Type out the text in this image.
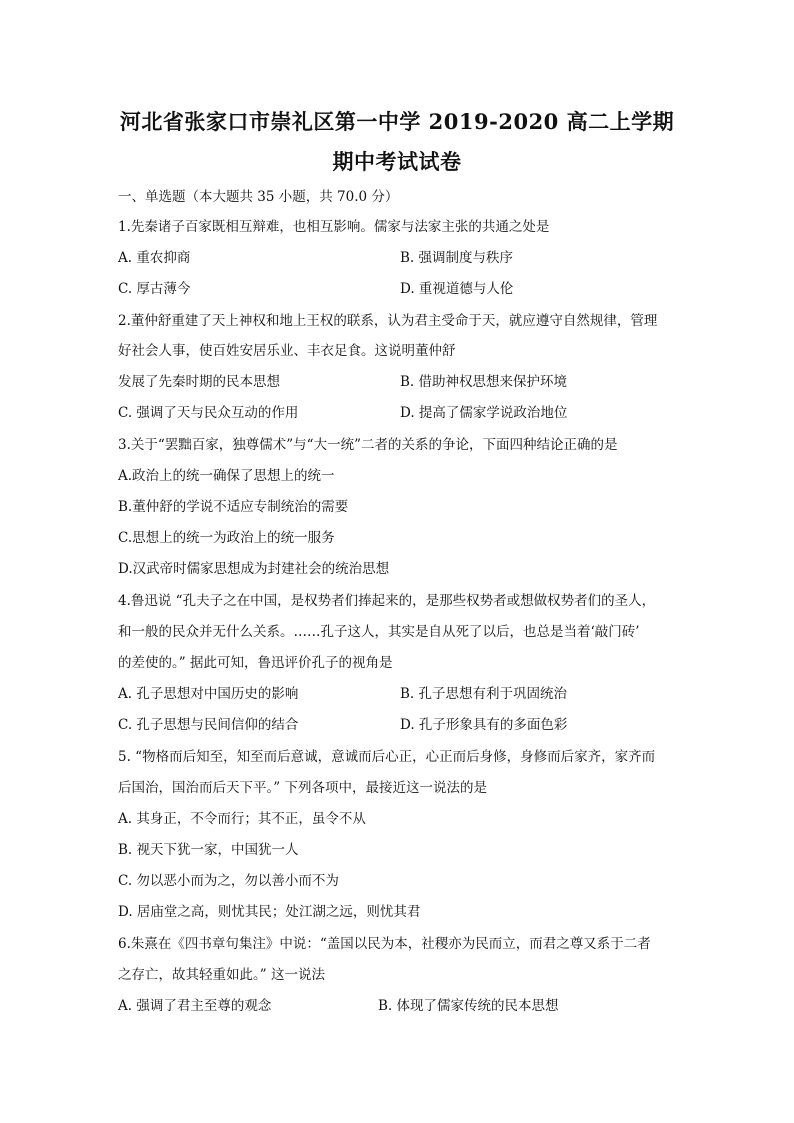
河北省张家口市崇礼区第一中学 2019-2020 高二上学期
期中考试试卷
一、单选题（本大题共 35 小题，共 70.0 分）
1.先秦诸子百家既相互辩难，也相互影响。儒家与法家主张的共通之处是
A. 重农抑商	B. 强调制度与秩序
C. 厚古薄今	D. 重视道德与人伦
2.董仲舒重建了天上神权和地上王权的联系，认为君主受命于天，就应遵守自然规律，管理
好社会人事，使百姓安居乐业、丰衣足食。这说明董仲舒
发展了先秦时期的民本思想	B. 借助神权思想来保护环境
C. 强调了天与民众互动的作用	D. 提高了儒家学说政治地位
3.关于“罢黜百家，独尊儒术”与“大一统”二者的关系的争论，下面四种结论正确的是
A.政治上的统一确保了思想上的统一
B.董仲舒的学说不适应专制统治的需要
C.思想上的统一为政治上的统一服务
D.汉武帝时儒家思想成为封建社会的统治思想
4.鲁迅说 “孔夫子之在中国，是权势者们捧起来的，是那些权势者或想做权势者们的圣人，
和一般的民众并无什么关系。……孔子这人，其实是自从死了以后，也总是当着‘敲门砖’
的差使的。” 据此可知，鲁迅评价孔子的视角是
A. 孔子思想对中国历史的影响	B. 孔子思想有利于巩固统治
C. 孔子思想与民间信仰的结合	D. 孔子形象具有的多面色彩
5. “物格而后知至，知至而后意诚，意诚而后心正，心正而后身修，身修而后家齐，家齐而
后国治，国治而后天下平。” 下列各项中，最接近这一说法的是
A. 其身正，不令而行；其不正，虽令不从
B. 视天下犹一家，中国犹一人
C. 勿以恶小而为之，勿以善小而不为
D. 居庙堂之高，则忧其民；处江湖之远，则忧其君
6.朱熹在《四书章句集注》中说：“盖国以民为本，社稷亦为民而立，而君之尊又系于二者
之存亡，故其轻重如此。” 这一说法
A. 强调了君主至尊的观念	B. 体现了儒家传统的民本思想
